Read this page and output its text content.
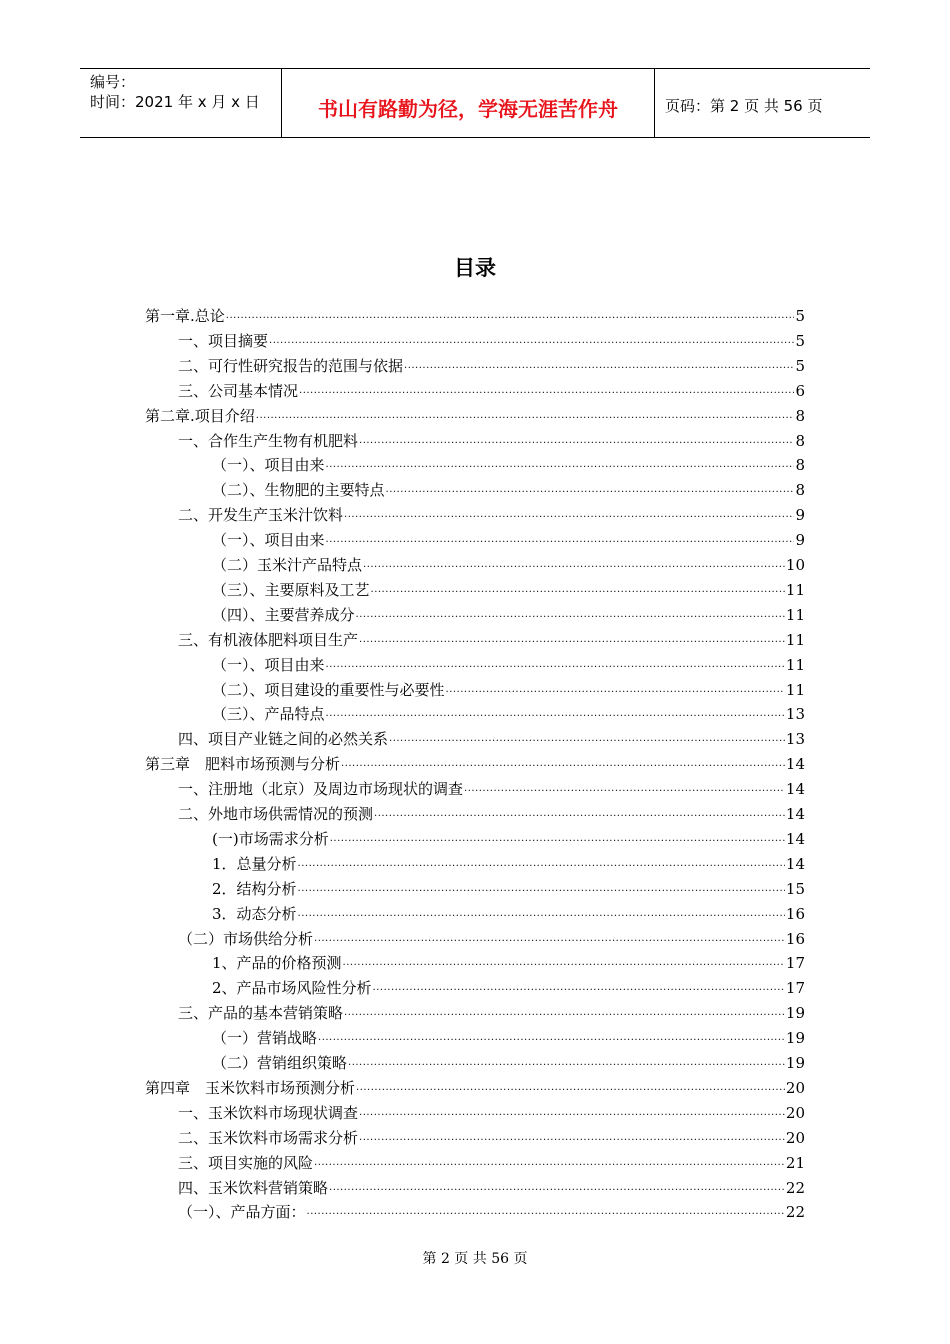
编号：
时间：2021 年 x 月 x 日	书山有路勤为径，学海无涯苦作舟	页码：第 2 页 共 56 页
目录
第一章.总论 .....	5
一、项目摘要 .....	5
二、可行性研究报告的范围与依据 .....	5
三、公司基本情况 .....	6
第二章.项目介绍 .....	8
一、合作生产生物有机肥料 .....	8
（一）、项目由来 .....	8
（二）、生物肥的主要特点 .....	8
二、开发生产玉米汁饮料 .....	9
（一）、项目由来 .....	9
（二）玉米汁产品特点 .....	10
（三）、主要原料及工艺 .....	11
（四）、主要营养成分 .....	11
三、有机液体肥料项目生产 .....	11
（一）、项目由来 .....	11
（二）、项目建设的重要性与必要性 .....	11
（三）、产品特点 .....	13
四、项目产业链之间的必然关系 .....	13
第三章　肥料市场预测与分析 .....	14
一、注册地（北京）及周边市场现状的调查 .....	14
二、外地市场供需情况的预测 .....	14
(一)市场需求分析 .....	14
1．总量分析 .....	14
2．结构分析 .....	15
3．动态分析 .....	16
（二）市场供给分析 .....	16
1、产品的价格预测 .....	17
2、产品市场风险性分析 .....	17
三、产品的基本营销策略 .....	19
（一）营销战略 .....	19
（二）营销组织策略 .....	19
第四章　玉米饮料市场预测分析 .....	20
一、玉米饮料市场现状调查 .....	20
二、玉米饮料市场需求分析 .....	20
三、项目实施的风险 .....	21
四、玉米饮料营销策略 .....	22
（一）、产品方面： .....	22
第 2 页 共 56 页
